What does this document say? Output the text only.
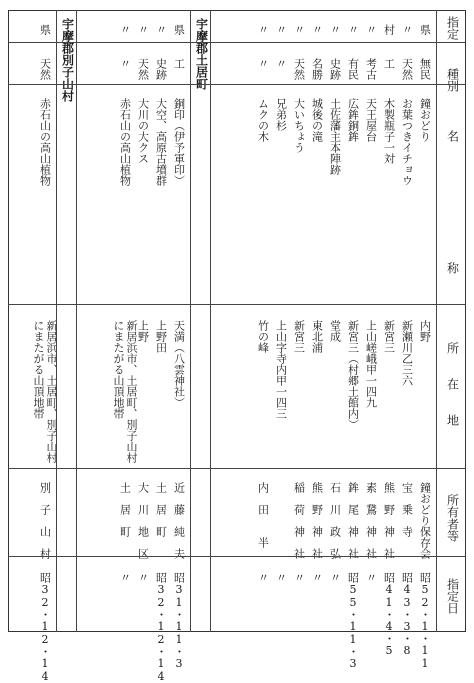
指定
種別
名　　　　　　　　　　称
所　　在　　地
所有者等
指定日
宇摩郡土居町
宇摩郡別子山村	県
無民
鐘おどり
内野
鐘おどり保存会
昭52・1・11
〃
天然
お葉つきイチョウ
新瀬川乙三六
宝　乗　寺
昭43・3・8
村
工
木製瓶子一対
新宮三
熊　野　神　社
昭41・4・5
〃
考古
天王屋台
上山嵯峨甲一四九
素　鵞　神　社
〃
〃
有民
広鉾銅鉾
新宮三（村郷土館内）
鉾　尾　神　社
昭55・11・3
〃
史跡
土佐藩主本陣跡
堂成
石　川　政　弘
〃
〃
名勝
城後の滝
東北浦
熊　野　神　社
〃
〃
天然
大いちょう
新宮三
稲　荷　神　社
〃
〃
〃
兄弟杉
上山字寺内甲一四三
〃
〃
〃
ムクの木
竹の峰
内　田　　半
〃
県
工
銅印（伊予軍印）
天満（八雲神社）
近　藤　純　夫
昭31・11・3
〃
史跡
大空、高原古墳群
上野田
土　居　町
昭32・12・14
〃
天然
大川の大クス
上野
大　川　地　区
〃
〃
〃
赤石山の高山植物
新居浜市、土居町、別子山村にまたがる山頂地帯
土　居　町
〃
県
天然
赤石山の高山植物
新居浜市、土居町、別子山村にまたがる山頂地帯
別　子　山　村
昭32・12・14
